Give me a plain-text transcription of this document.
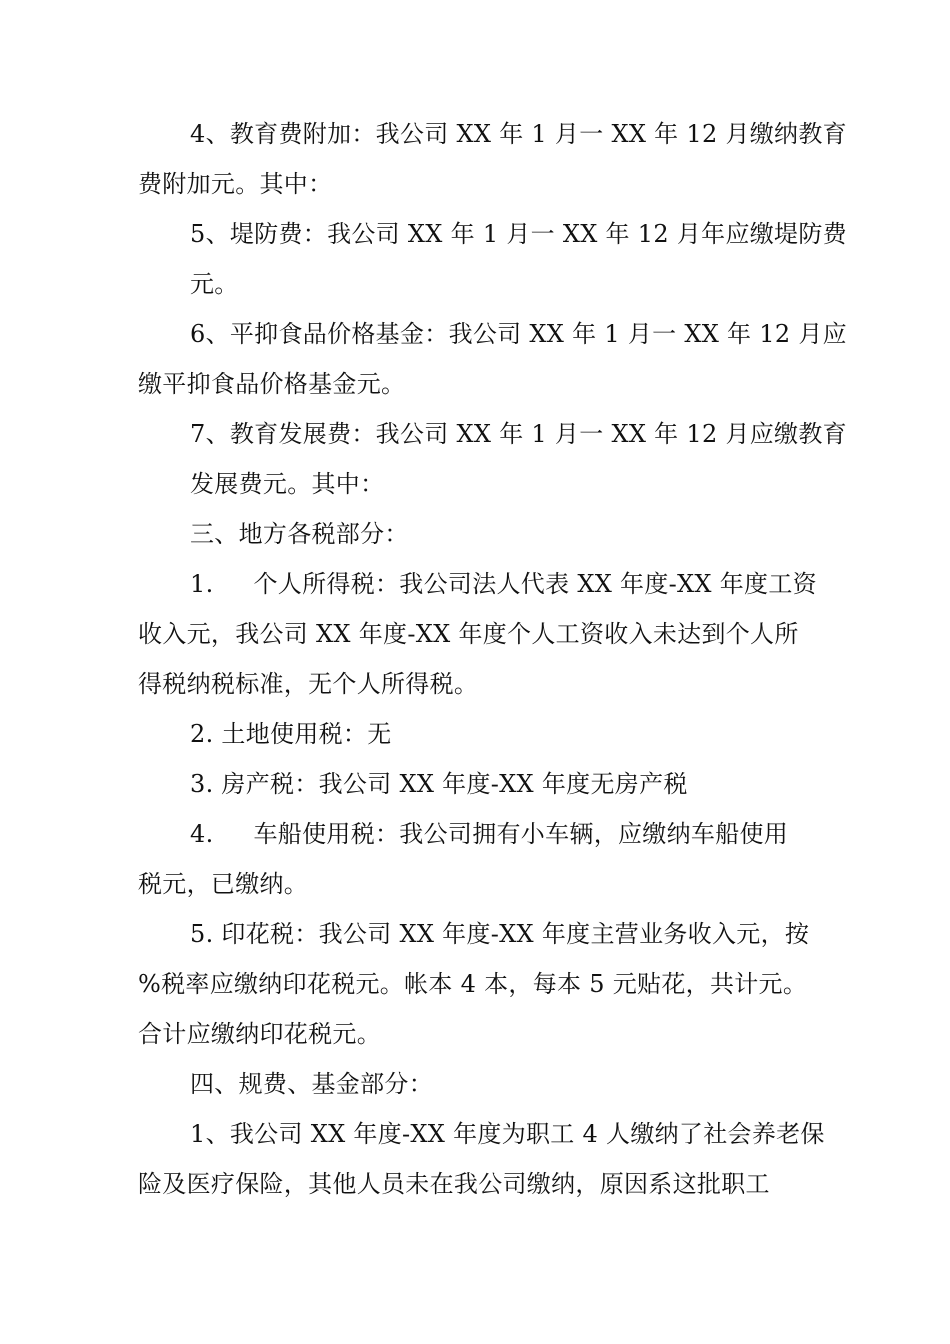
4、教育费附加：我公司 XX 年 1 月一 XX 年 12 月缴纳教育
费附加元。其中：
5、堤防费：我公司 XX 年 1 月一 XX 年 12 月年应缴堤防费
元。
6、平抑食品价格基金：我公司 XX 年 1 月一 XX 年 12 月应
缴平抑食品价格基金元。
7、教育发展费：我公司 XX 年 1 月一 XX 年 12 月应缴教育
发展费元。其中：
三、地方各税部分：
1. 个人所得税：我公司法人代表 XX 年度-XX 年度工资
收入元，我公司 XX 年度-XX 年度个人工资收入未达到个人所
得税纳税标准，无个人所得税。
2. 土地使用税：无
3. 房产税：我公司 XX 年度-XX 年度无房产税
4. 车船使用税：我公司拥有小车辆，应缴纳车船使用
税元，已缴纳。
5. 印花税：我公司 XX 年度-XX 年度主营业务收入元，按
%税率应缴纳印花税元。帐本 4 本，每本 5 元贴花，共计元。
合计应缴纳印花税元。
四、规费、基金部分：
1、我公司 XX 年度-XX 年度为职工 4 人缴纳了社会养老保
险及医疗保险，其他人员未在我公司缴纳，原因系这批职工
